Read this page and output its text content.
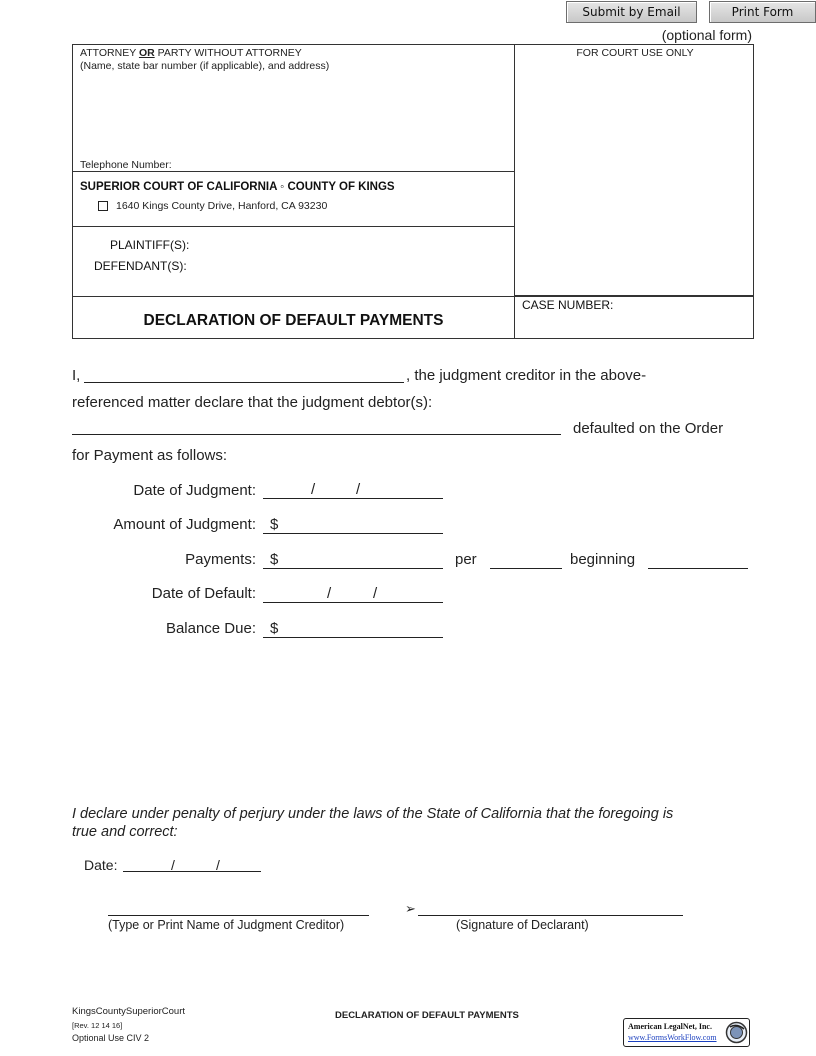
Submit by Email	Print Form
(optional form)
ATTORNEY OR PARTY WITHOUT ATTORNEY
(Name, state bar number (if applicable), and address)
Telephone Number:
FOR COURT USE ONLY
SUPERIOR COURT OF CALIFORNIA ◦ COUNTY OF KINGS
1640 Kings County Drive, Hanford, CA 93230
PLAINTIFF(S):
DEFENDANT(S):
DECLARATION OF DEFAULT PAYMENTS
CASE NUMBER:
I,	, the judgment creditor in the above-
referenced matter declare that the judgment debtor(s):
defaulted on the Order
for Payment as follows:
Date of Judgment:	/	/
Amount of Judgment: $
Payments: $	per	beginning
Date of Default:	/	/
Balance Due: $
I declare under penalty of perjury under the laws of the State of California that the foregoing is
true and correct:
Date:	/	/
(Type or Print Name of Judgment Creditor)
➢
(Signature of Declarant)
KingsCountySuperiorCourt
[Rev. 12 14 16]
Optional Use CIV 2
DECLARATION OF DEFAULT PAYMENTS
American LegalNet, Inc.
www.FormsWorkFlow.com
